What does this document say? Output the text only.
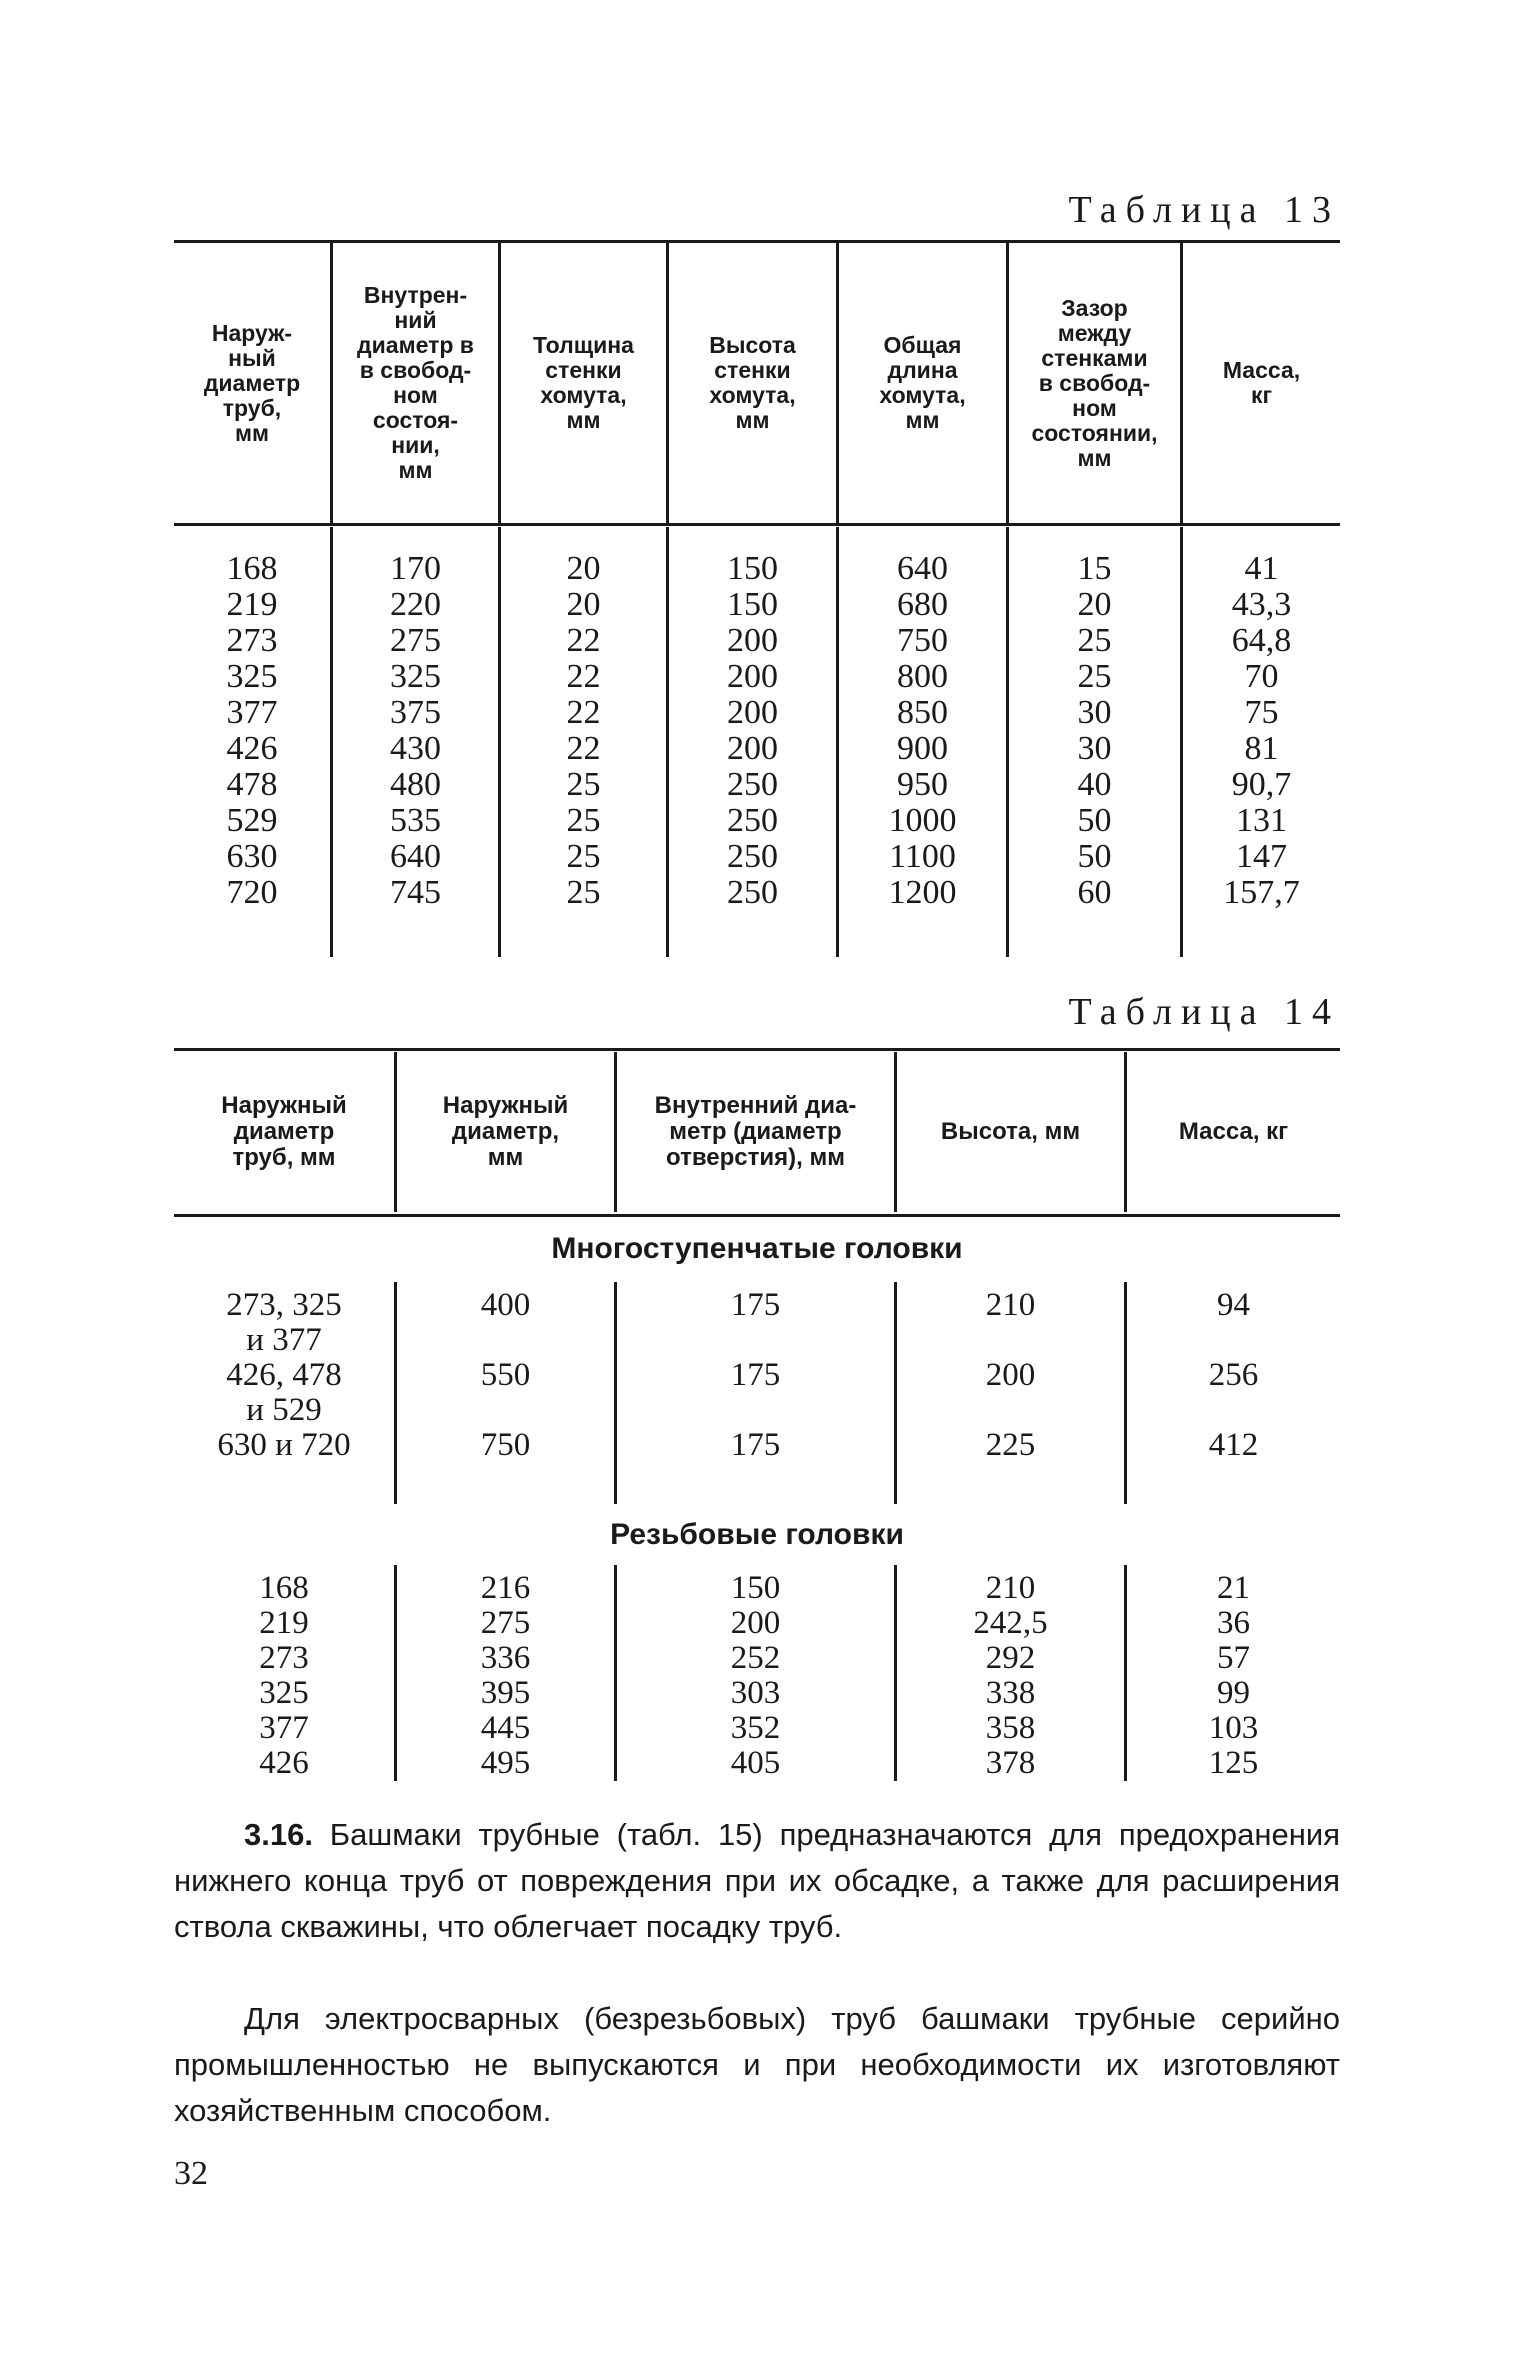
Таблица 13
Наруж-
ный
диаметр
труб,
мм
Внутрен-
ний
диаметр в
в свобод-
ном
состоя-
нии,
мм
Толщина
стенки
хомута,
мм
Высота
стенки
хомута,
мм
Общая
длина
хомута,
мм
Зазор
между
стенками
в свобод-
ном
состоянии,
мм
Масса,
кг
168
219
273
325
377
426
478
529
630
720
170
220
275
325
375
430
480
535
640
745
20
20
22
22
22
22
25
25
25
25
150
150
200
200
200
200
250
250
250
250
640
680
750
800
850
900
950
1000
1100
1200
15
20
25
25
30
30
40
50
50
60
41
43,3
64,8
70
75
81
90,7
131
147
157,7
Таблица 14
Наружный
диаметр
труб, мм
Наружный
диаметр,
мм
Внутренний диа-
метр (диаметр
отверстия), мм
Высота, мм	Масса, кг
Многоступенчатые головки
273, 325
и 377
426, 478
и 529
630 и 720
400
550
750
175
175
175
210
200
225
94
256
412
Резьбовые головки
168
219
273
325
377
426
216
275
336
395
445
495
150
200
252
303
352
405
210
242,5
292
338
358
378
21
36
57
99
103
125
3.16. Башмаки трубные (табл. 15) предназначаются для предохранения нижнего конца труб от повреждения при их обсадке, а также для расширения ствола скважины, что облегчает посадку труб.
Для электросварных (безрезьбовых) труб башмаки трубные серийно промышленностью не выпускаются и при необходимости их изготовляют хозяйственным способом.
32
